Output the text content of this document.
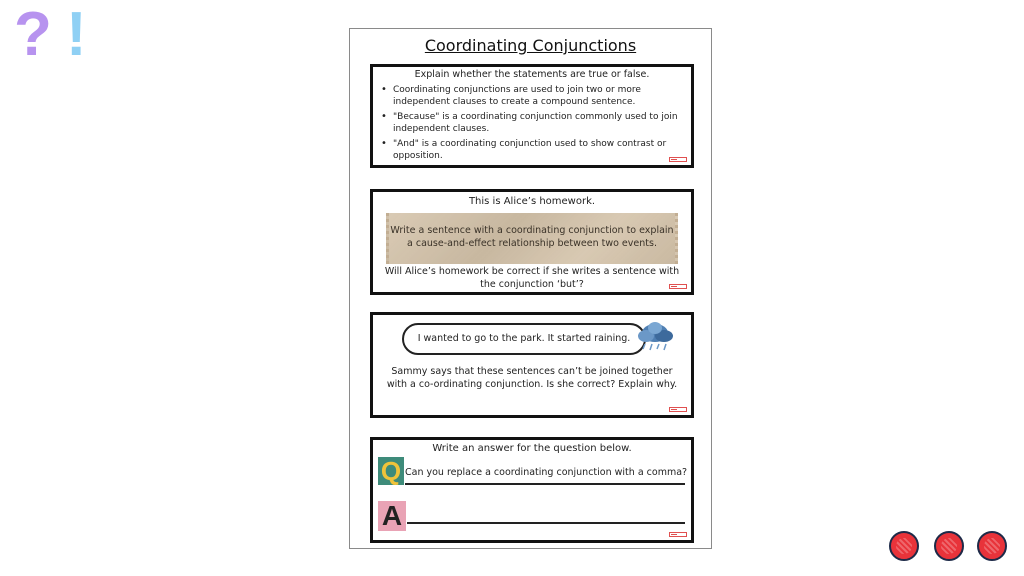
? !	Coordinating Conjunctions
Explain whether the statements are true or false.
• Coordinating conjunctions are used to join two or more independent clauses to create a compound sentence.
• "Because" is a coordinating conjunction commonly used to join independent clauses.
• "And" is a coordinating conjunction used to show contrast or opposition.
This is Alice’s homework.
Write a sentence with a coordinating conjunction to explain a cause-and-effect relationship between two events.
Will Alice’s homework be correct if she writes a sentence with the conjunction ‘but’?
I wanted to go to the park. It started raining.
Sammy says that these sentences can’t be joined together with a co-ordinating conjunction. Is she correct? Explain why.
Write an answer for the question below.
Q Can you replace a coordinating conjunction with a comma?
A
